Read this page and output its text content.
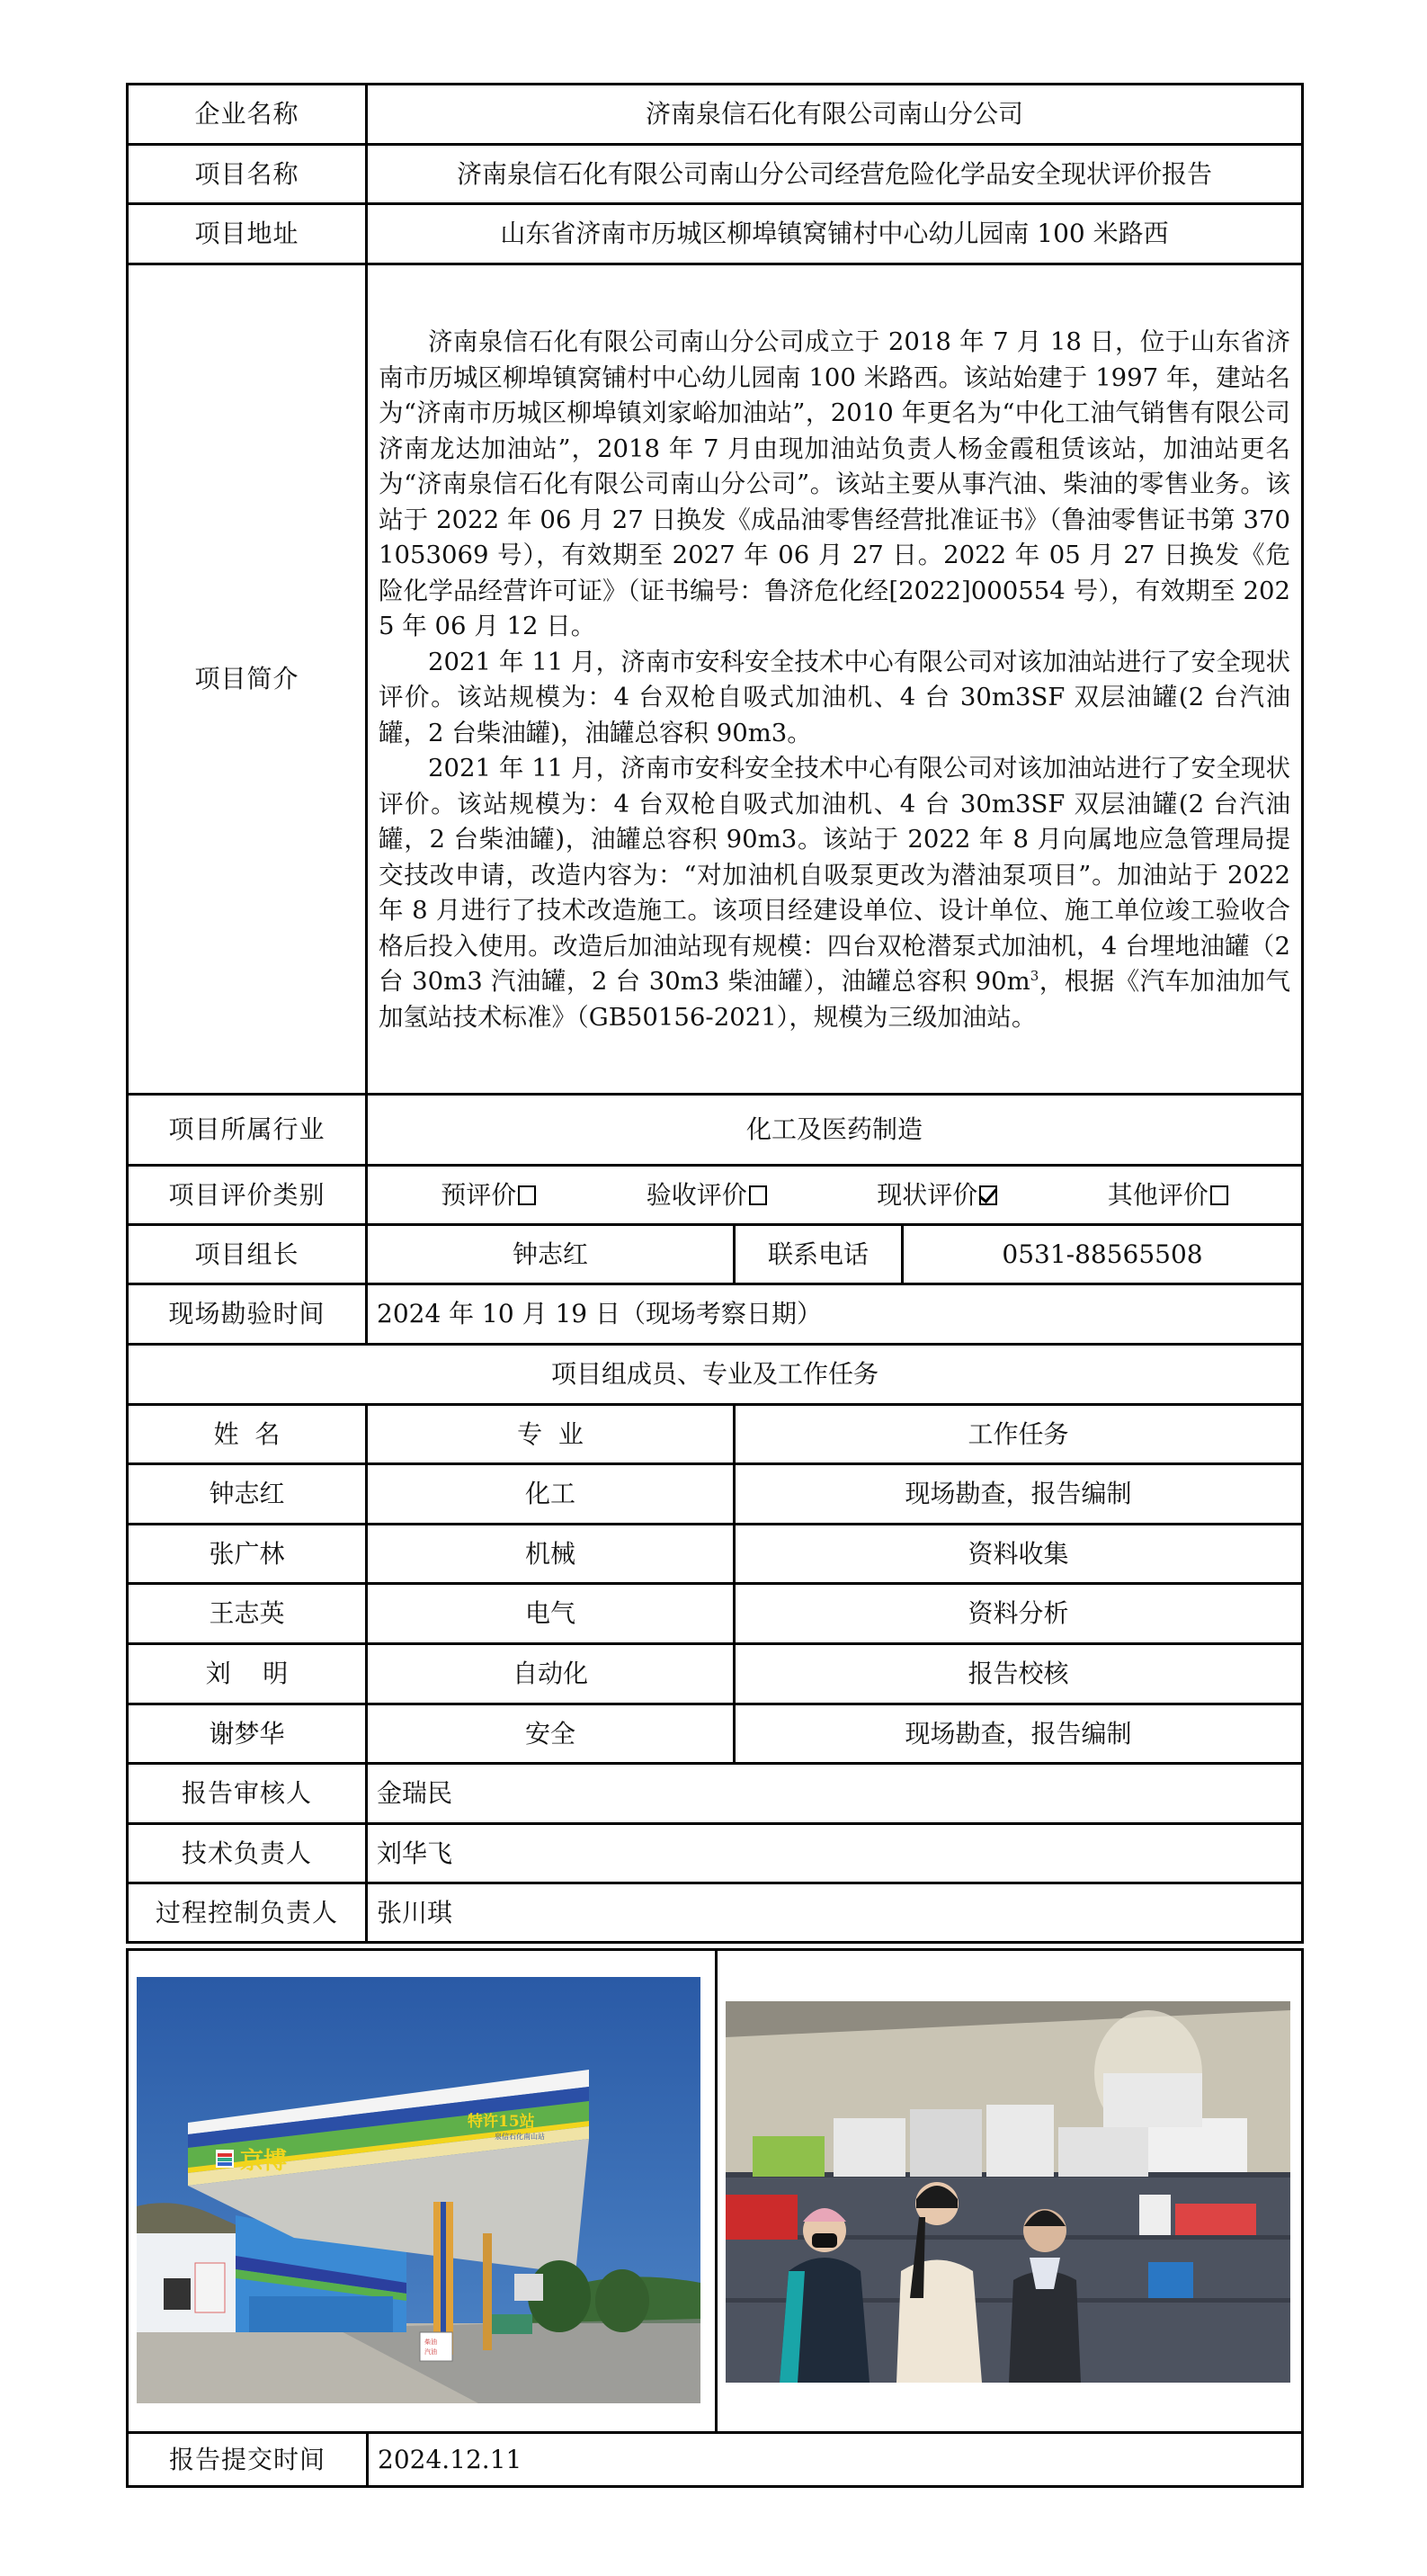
企业名称	济南泉信石化有限公司南山分公司		
项目名称	济南泉信石化有限公司南山分公司经营危险化学品安全现状评价报告		
项目地址	山东省济南市历城区柳埠镇窝铺村中心幼儿园南 100 米路西		
项目简介	济南泉信石化有限公司南山分公司成立于 2018 年 7 月 18 日，位于山东省济南市历城区柳埠镇窝铺村中心幼儿园南 100 米路西。该站始建于 1997 年，建站名为“济南市历城区柳埠镇刘家峪加油站”，2010 年更名为“中化工油气销售有限公司济南龙达加油站”，2018 年 7 月由现加油站负责人杨金霞租赁该站，加油站更名为“济南泉信石化有限公司南山分公司”。该站主要从事汽油、柴油的零售业务。该站于 2022 年 06 月 27 日换发《成品油零售经营批准证书》（鲁油零售证书第 3701053069 号），有效期至 2027 年 06 月 27 日。2022 年 05 月 27 日换发《危险化学品经营许可证》（证书编号：鲁济危化经[2022]000554 号），有效期至 2025 年 06 月 12 日。

2021 年 11 月，济南市安科安全技术中心有限公司对该加油站进行了安全现状评价。该站规模为：4 台双枪自吸式加油机、4 台 30m3SF 双层油罐(2 台汽油罐，2 台柴油罐)，油罐总容积 90m3。

2021 年 11 月，济南市安科安全技术中心有限公司对该加油站进行了安全现状评价。该站规模为：4 台双枪自吸式加油机、4 台 30m3SF 双层油罐(2 台汽油罐，2 台柴油罐)，油罐总容积 90m3。该站于 2022 年 8 月向属地应急管理局提交技改申请，改造内容为：“对加油机自吸泵更改为潜油泵项目”。加油站于 2022 年 8 月进行了技术改造施工。该项目经建设单位、设计单位、施工单位竣工验收合格后投入使用。改造后加油站现有规模：四台双枪潜泵式加油机，4 台埋地油罐（2 台 30m3 汽油罐，2 台 30m3 柴油罐），油罐总容积 $90m^3$，根据《汽车加油加气加氢站技术标准》（GB50156-2021），规模为三级加油站。		

项目所属行业	化工及医药制造		
项目评价类别	预评价 验收评价 现状评价 其他评价		

项目组长	钟志红	联系电话	0531-88565508
现场勘验时间	2024 年 10 月 19 日（现场考察日期）		
项目组成员、专业及工作任务			
姓  名	专  业	工作任务	
钟志红	化工	现场勘查，报告编制	
张广林	机械	资料收集	
王志英	电气	资料分析	
刘    明	自动化	报告校核	
谢梦华	安全	现场勘查，报告编制	
报告审核人	金瑞民		
技术负责人	刘华飞		
过程控制负责人	张川琪		
京博
特许15站
泉信石化南山站
柴油汽油

报告提交时间	2024.12.11	
